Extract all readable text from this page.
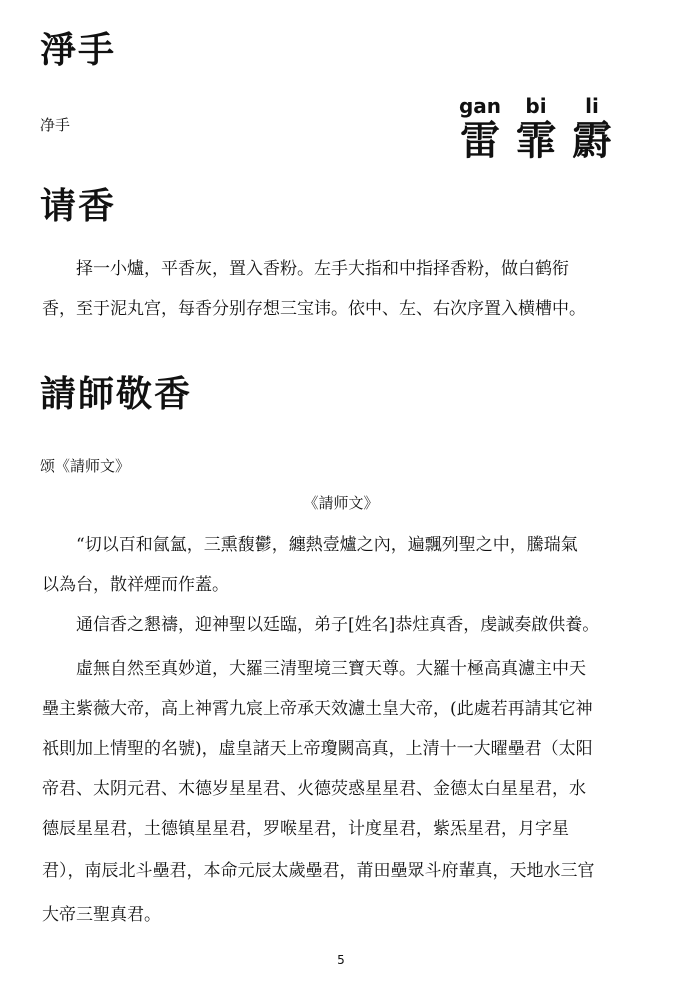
淨手

净手

gan	bi	li
雷 霏 霨
请香

择一小爐，平香灰，置入香粉。左手大指和中指择香粉，做白鹤衔

香，至于泥丸宫，每香分别存想三宝讳。依中、左、右次序置入横槽中。

請師敬香

颂《請师文》

《請师文》

“切以百和氤氳，三熏馥鬱，纏熱壹爐之內，遍飄列聖之中，騰瑞氣

以為台，散祥煙而作蓋。

通信香之懇禱，迎神聖以廷臨，弟子[姓名]恭炷真香，虔誠奏啟供養。

虛無自然至真妙道，大羅三清聖境三寶天尊。大羅十極高真濾主中天

壘主紫薇大帝，高上神霄九宸上帝承天效濾土皇大帝，(此處若再請其它神

祇則加上情聖的名號)，虛皇諸天上帝瓊闕高真，上清十一大曜壘君（太阳

帝君、太阴元君、木德岁星星君、火德荧惑星星君、金德太白星星君，水

德辰星星君，土德镇星星君，罗喉星君，计度星君，紫炁星君，月字星

君），南辰北斗壘君，本命元辰太歲壘君，莆田壘眾斗府輩真，天地水三官

大帝三聖真君。

5
